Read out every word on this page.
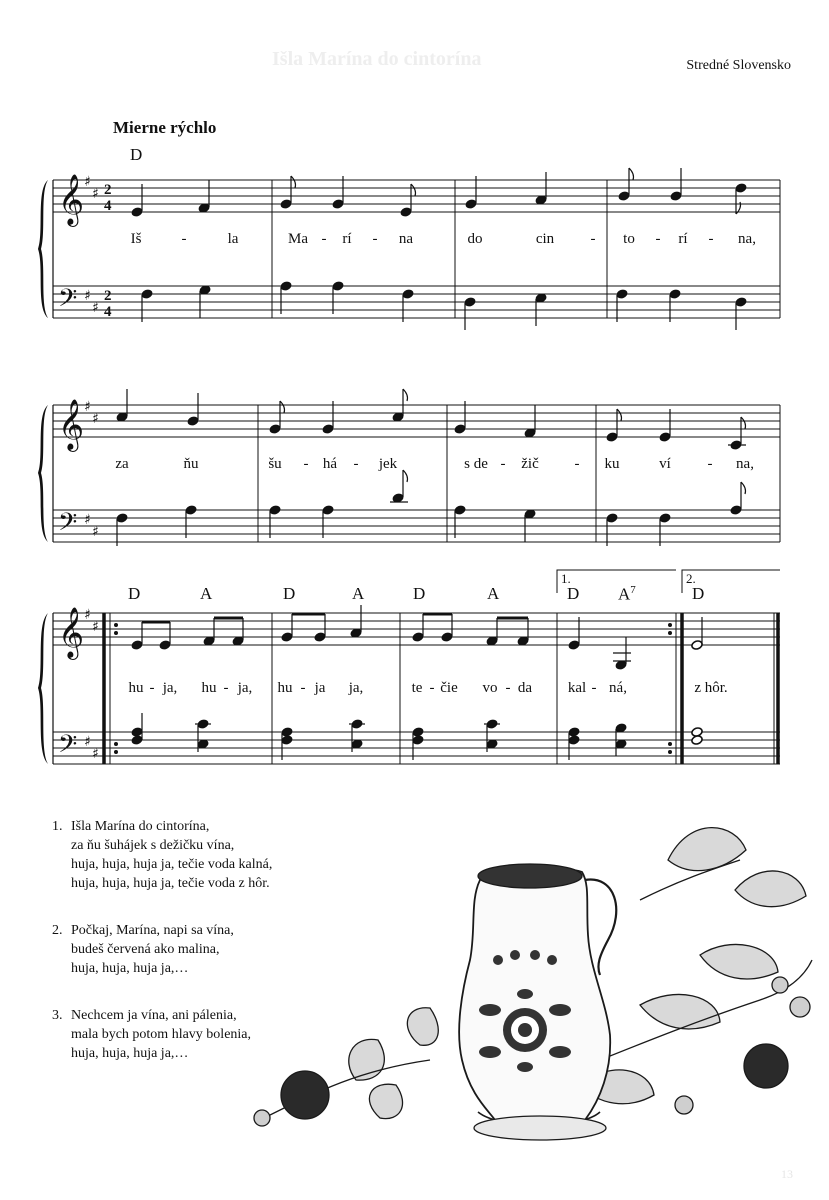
Išla Marína do cintorína	Stredné Slovensko
Mierne rýchlo
D
D	A	D	A	D	A	D $A^7$	D
1.	2.
Iš	-	la	Ma - rí - na	do	cin - to - rí - na,
za	ňu	šu - há - jek	s de - žič - ku	ví - na,
hu - ja, hu - ja, hu - ja ja,	te - čie vo - da kal - ná,	z hôr.
1. Išla Marína do cintorína,
za ňu šuhájek s dežičku vína,
huja, huja, huja ja, tečie voda kalná,
huja, huja, huja ja, tečie voda z hôr.
2. Počkaj, Marína, napi sa vína,
budeš červená ako malina,
huja, huja, huja ja,…
3. Nechcem ja vína, ani pálenia,
mala bych potom hlavy bolenia,
huja, huja, huja ja,…
13
𝄞
𝄢
𝄞
𝄢
𝄞
𝄢
♯
♯
♯
♯
♯
♯
♯
♯
♯
♯
♯
♯
2
4
2
4
